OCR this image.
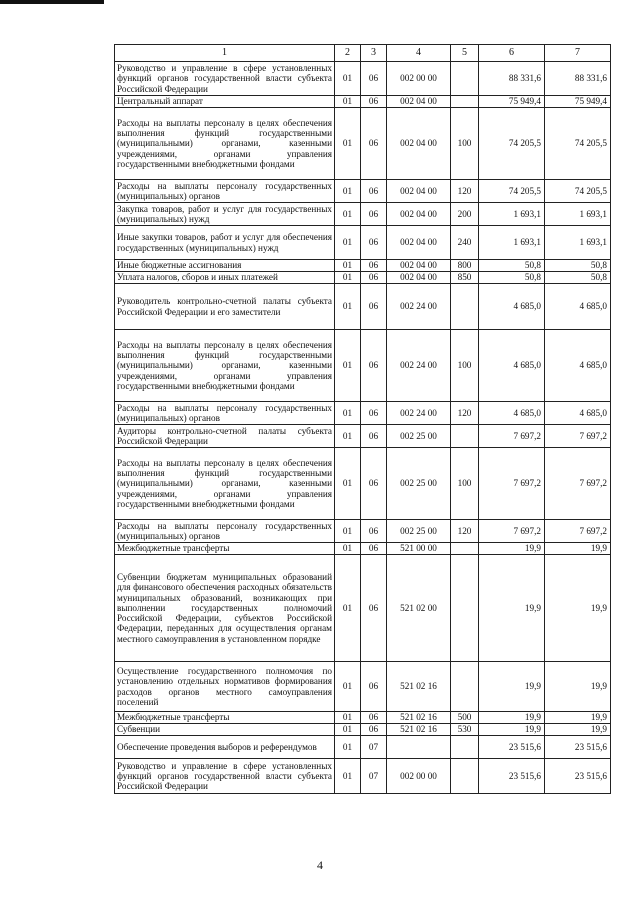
1	2	3	4	5	6	7
Руководство и управление в сфере установленных функций органов государственной власти субъекта Российской Федерации	01	06	002 00 00		88 331,6	88 331,6
Центральный аппарат	01	06	002 04 00		75 949,4	75 949,4
Расходы на выплаты персоналу в целях обеспечения выполнения функций государственными (муниципальными) органами, казенными учреждениями, органами управления государственными внебюджетными фондами	01	06	002 04 00	100	74 205,5	74 205,5
Расходы на выплаты персоналу государственных (муниципальных) органов	01	06	002 04 00	120	74 205,5	74 205,5
Закупка товаров, работ и услуг для государственных (муниципальных) нужд	01	06	002 04 00	200	1 693,1	1 693,1
Иные закупки товаров, работ и услуг для обеспечения государственных (муниципальных) нужд	01	06	002 04 00	240	1 693,1	1 693,1
Иные бюджетные ассигнования	01	06	002 04 00	800	50,8	50,8
Уплата налогов, сборов и иных платежей	01	06	002 04 00	850	50,8	50,8
Руководитель контрольно-счетной палаты субъекта Российской Федерации и его заместители	01	06	002 24 00		4 685,0	4 685,0
Расходы на выплаты персоналу в целях обеспечения выполнения функций государственными (муниципальными) органами, казенными учреждениями, органами управления государственными внебюджетными фондами	01	06	002 24 00	100	4 685,0	4 685,0
Расходы на выплаты персоналу государственных (муниципальных) органов	01	06	002 24 00	120	4 685,0	4 685,0
Аудиторы контрольно-счетной палаты субъекта Российской Федерации	01	06	002 25 00		7 697,2	7 697,2
Расходы на выплаты персоналу в целях обеспечения выполнения функций государственными (муниципальными) органами, казенными учреждениями, органами управления государственными внебюджетными фондами	01	06	002 25 00	100	7 697,2	7 697,2
Расходы на выплаты персоналу государственных (муниципальных) органов	01	06	002 25 00	120	7 697,2	7 697,2
Межбюджетные трансферты	01	06	521 00 00		19,9	19,9
Субвенции бюджетам муниципальных образований для финансового обеспечения расходных обязательств муниципальных образований, возникающих при выполнении государственных полномочий Российской Федерации, субъектов Российской Федерации, переданных для осуществления органам местного самоуправления в установленном порядке	01	06	521 02 00		19,9	19,9
Осуществление государственного полномочия по установлению отдельных нормативов формирования расходов органов местного самоуправления поселений	01	06	521 02 16		19,9	19,9
Межбюджетные трансферты	01	06	521 02 16	500	19,9	19,9
Субвенции	01	06	521 02 16	530	19,9	19,9
Обеспечение проведения выборов и референдумов	01	07			23 515,6	23 515,6
Руководство и управление в сфере установленных функций органов государственной власти субъекта Российской Федерации	01	07	002 00 00		23 515,6	23 515,6
4
